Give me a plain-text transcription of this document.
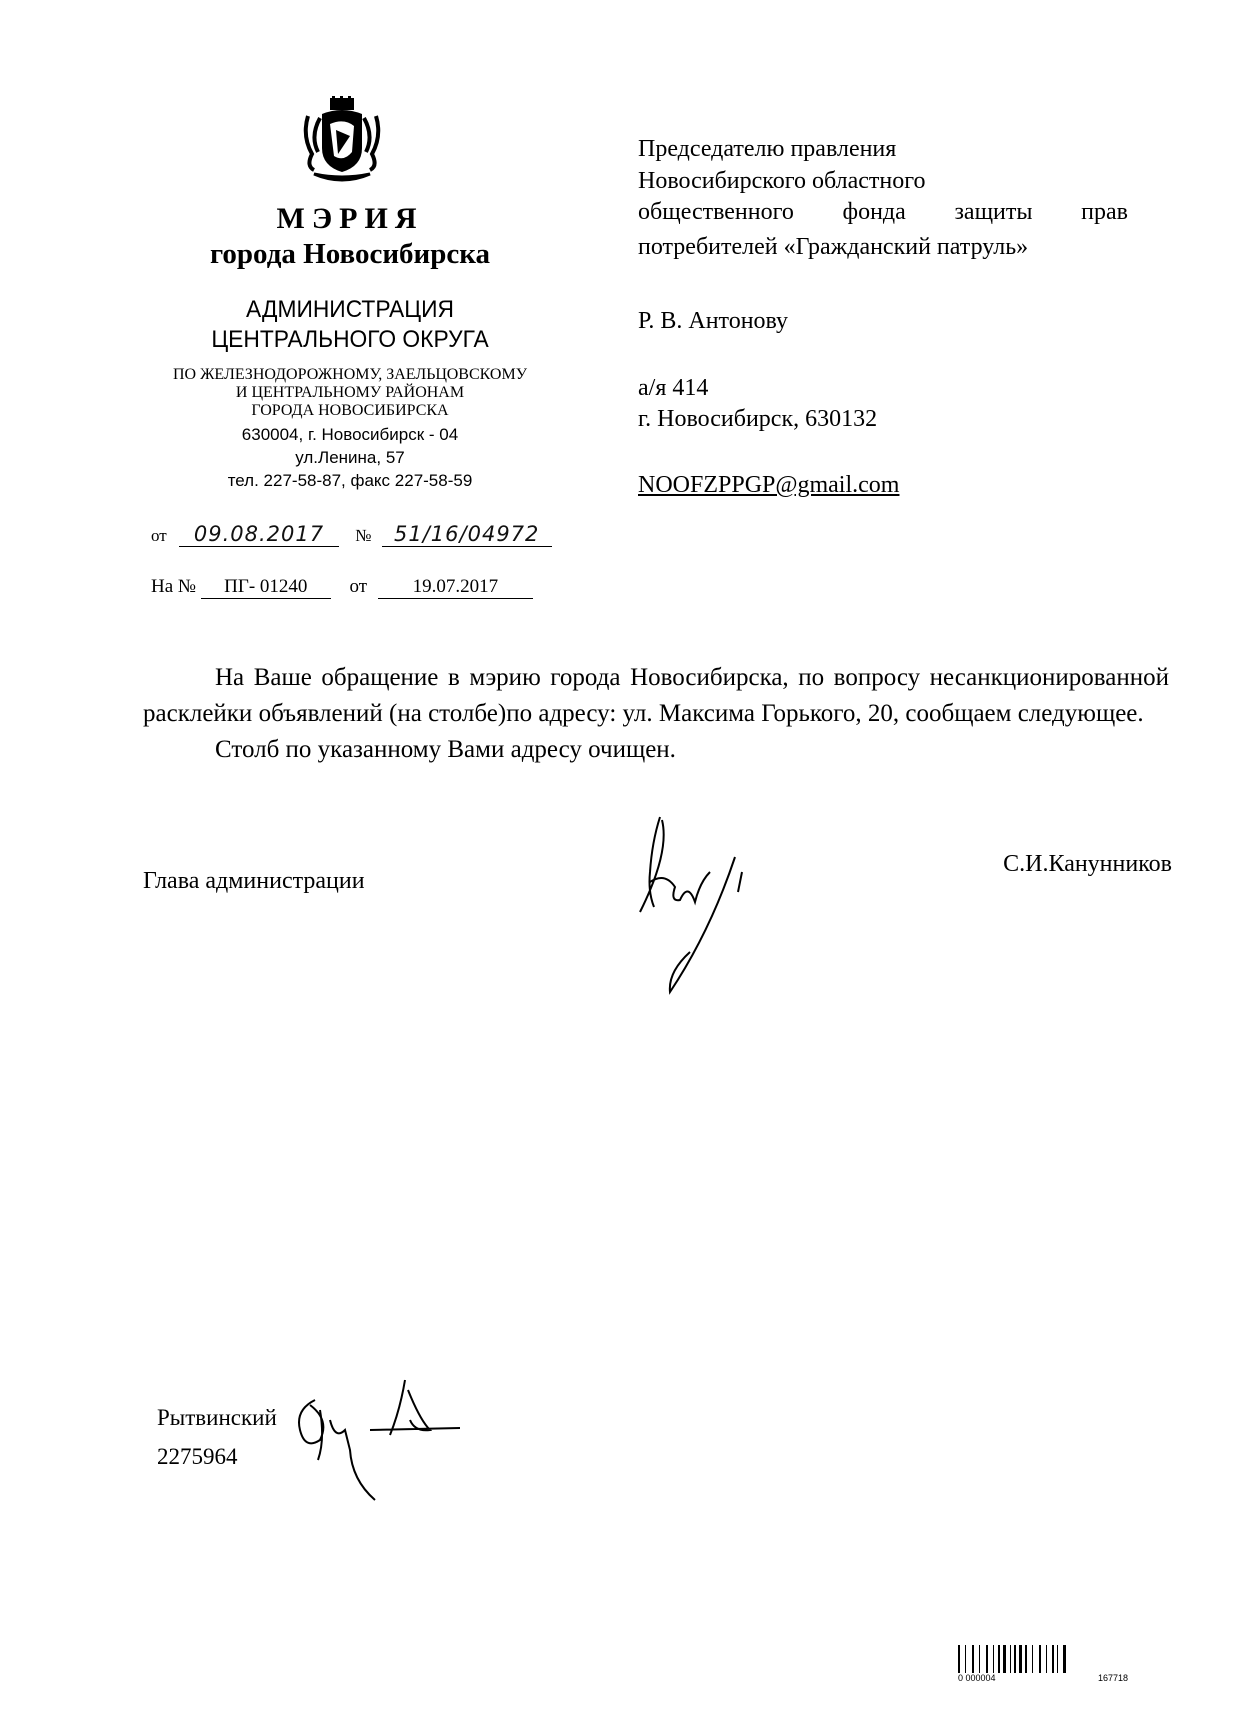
МЭРИЯ
города Новосибирска
АДМИНИСТРАЦИЯ
ЦЕНТРАЛЬНОГО ОКРУГА
ПО ЖЕЛЕЗНОДОРОЖНОМУ, ЗАЕЛЬЦОВСКОМУ
И ЦЕНТРАЛЬНОМУ РАЙОНАМ
ГОРОДА НОВОСИБИРСКА
630004, г. Новосибирск - 04
ул.Ленина, 57
тел. 227-58-87, факс 227-58-59
от 09.08.2017 № 51/16/04972
На № ПГ- 01240 от 19.07.2017
Председателю правления
Новосибирского областного
общественного фонда защиты прав
потребителей «Гражданский патруль»
Р. В. Антонову
а/я 414
г. Новосибирск, 630132
NOOFZPPGP@gmail.com

На Ваше обращение в мэрию города Новосибирска, по вопросу несанкционированной расклейки объявлений (на столбе)по адресу: ул. Максима Горького, 20, сообщаем следующее.

Столб по указанному Вами адресу очищен.

Глава администрации
С.И.Канунников
Рытвинский
2275964
0 000004	167718
